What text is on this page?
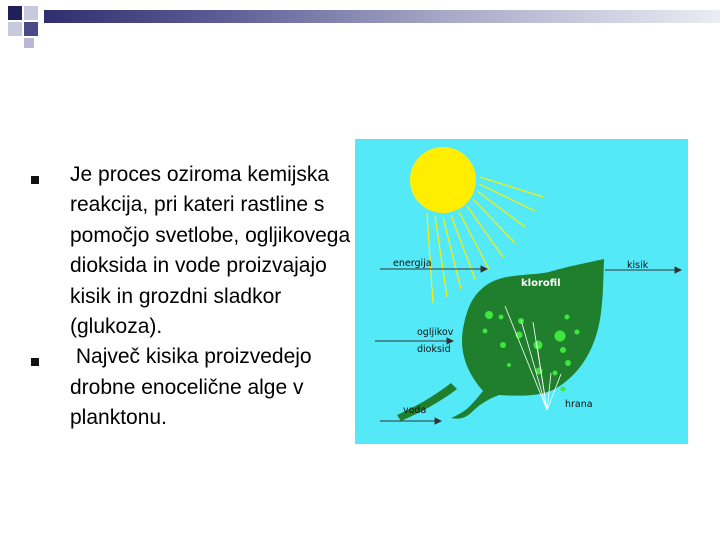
Je proces oziroma kemijska reakcija, pri kateri rastline s pomočjo svetlobe, ogljikovega dioksida in vode proizvajajo kisik in grozdni sladkor (glukoza).
Največ kisika proizvedejo drobne enocelične alge v planktonu.
energija	kisik
klorofil
ogljikov
dioksid
voda
hrana
